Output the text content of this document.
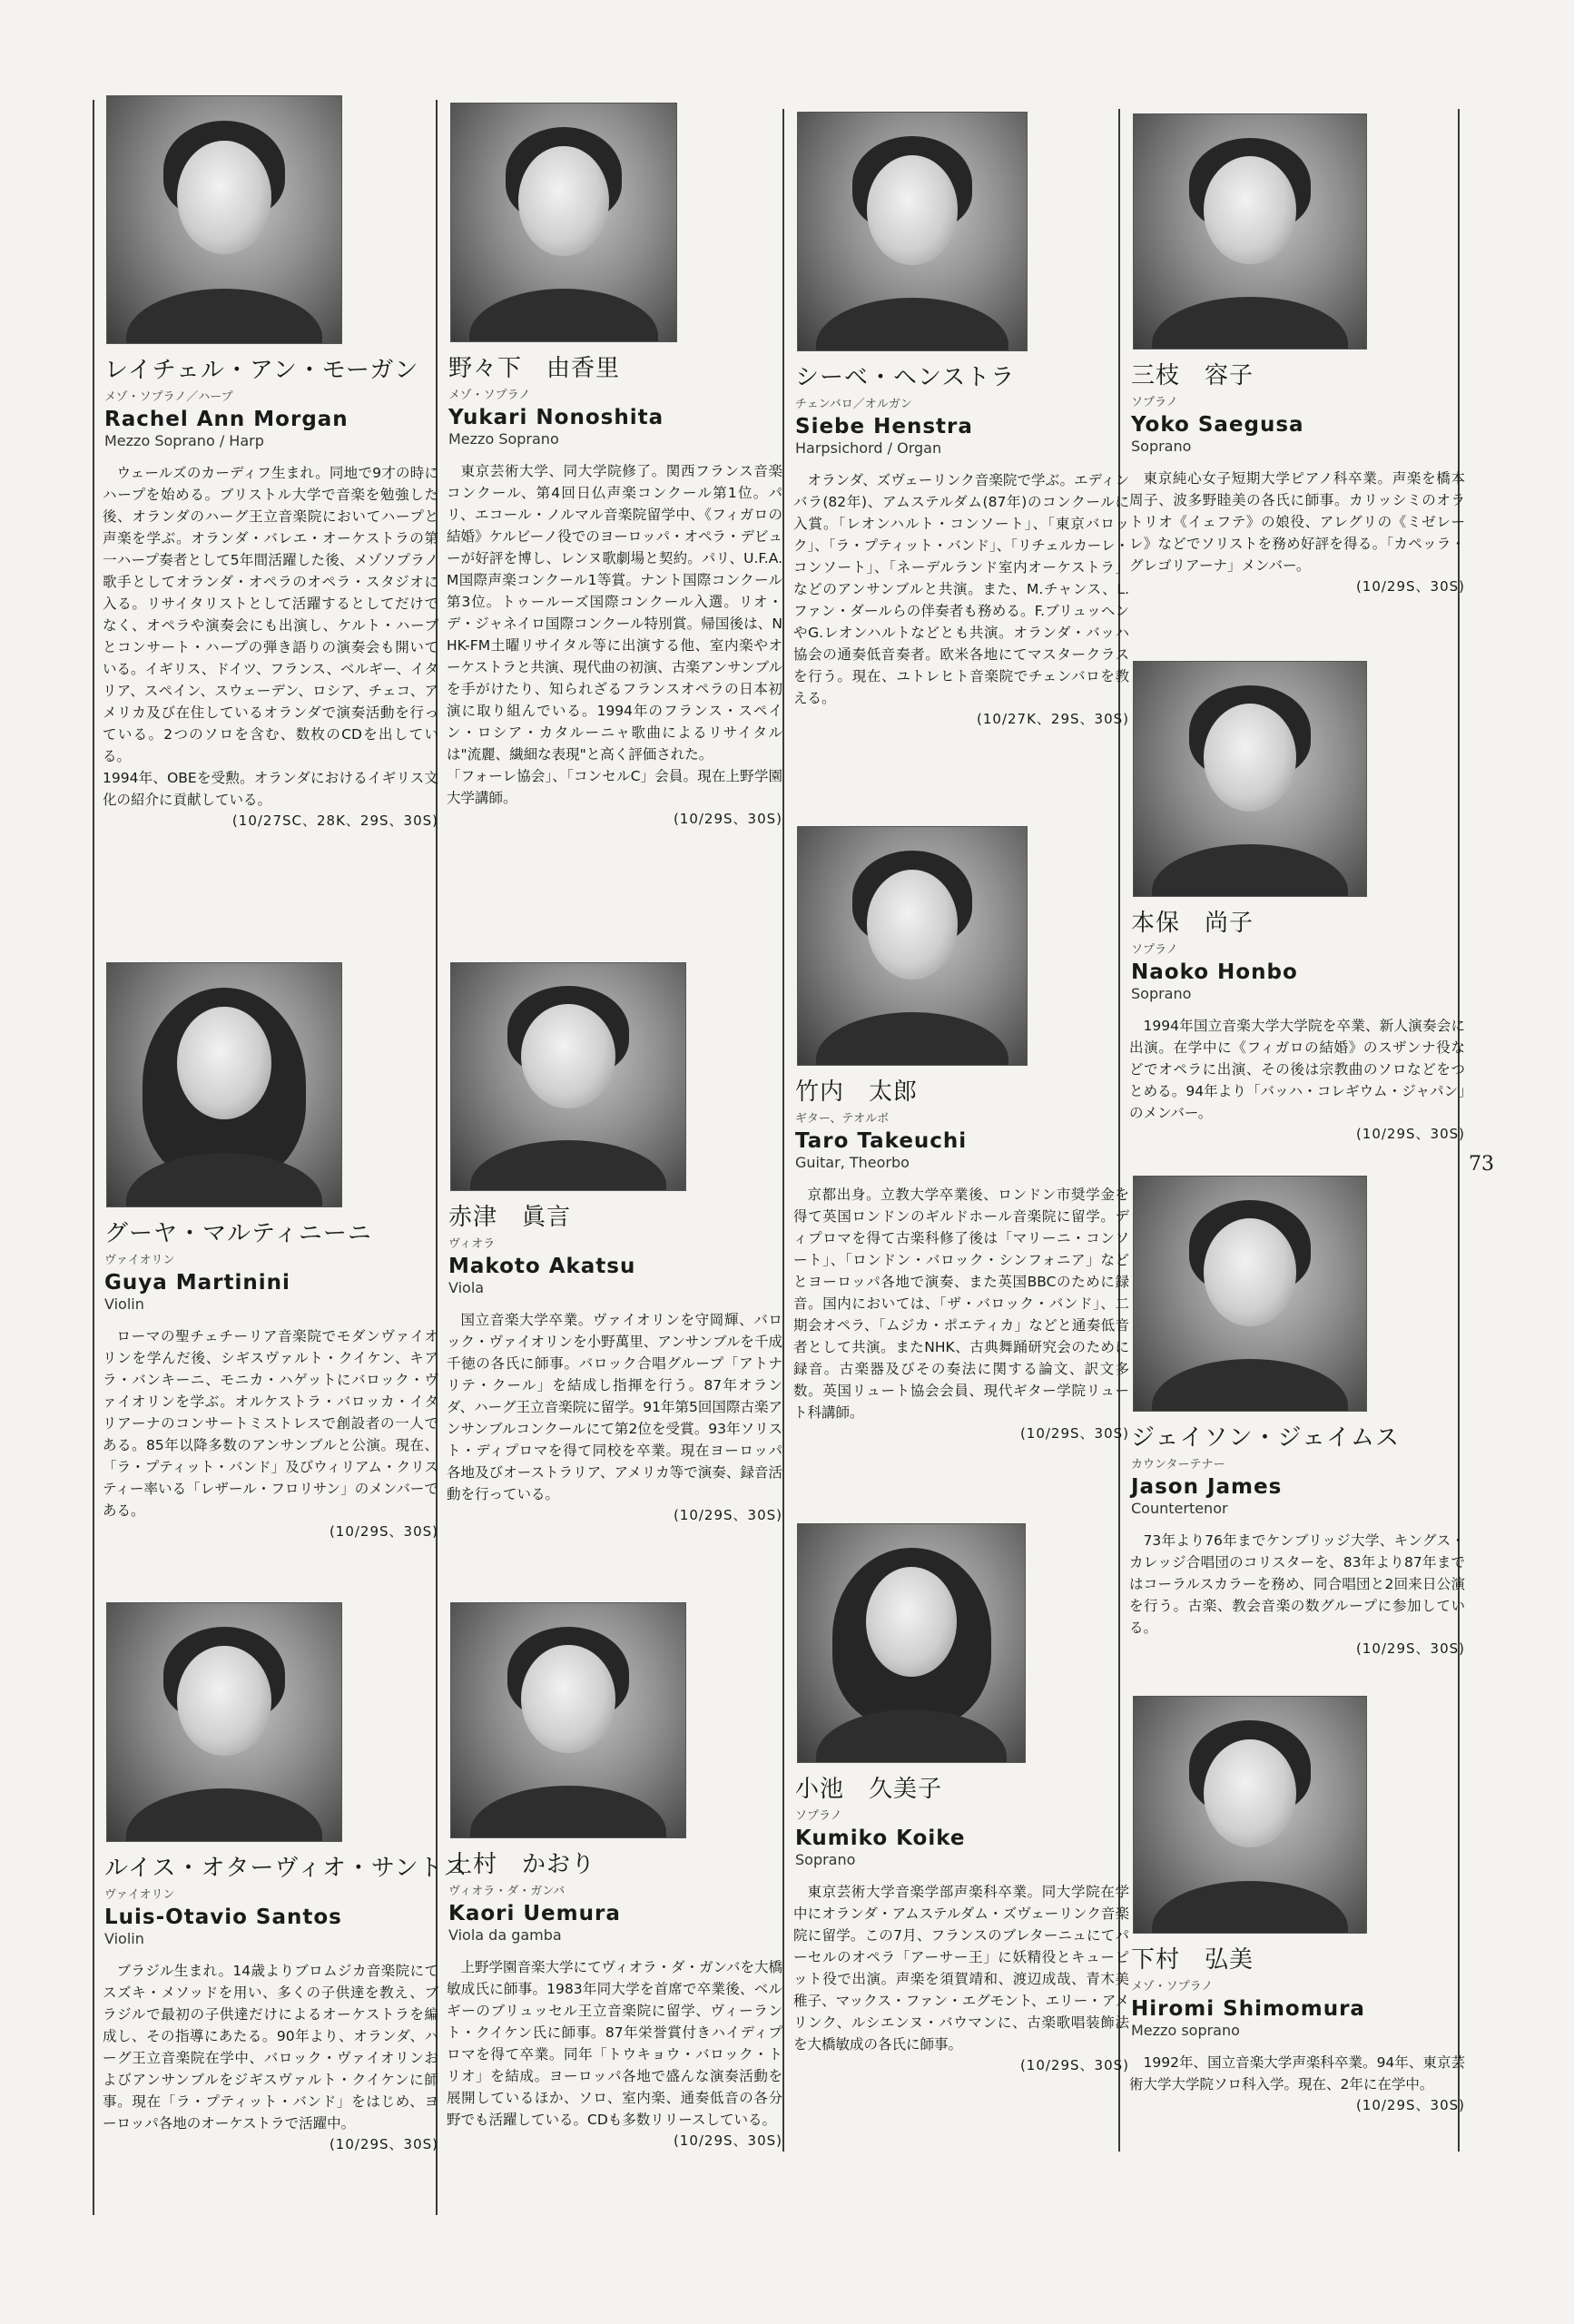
73
レイチェル・アン・モーガン
メゾ・ソプラノ／ハープ
Rachel Ann Morgan
Mezzo Soprano / Harp
ウェールズのカーディフ生まれ。同地で9才の時にハープを始める。ブリストル大学で音楽を勉強した後、オランダのハーグ王立音楽院においてハープと声楽を学ぶ。オランダ・バレエ・オーケストラの第一ハープ奏者として5年間活躍した後、メゾソプラノ歌手としてオランダ・オペラのオペラ・スタジオに入る。リサイタリストとして活躍するとしてだけでなく、オペラや演奏会にも出演し、ケルト・ハープとコンサート・ハープの弾き語りの演奏会も開いている。イギリス、ドイツ、フランス、ベルギー、イタリア、スペイン、スウェーデン、ロシア、チェコ、アメリカ及び在住しているオランダで演奏活動を行っている。2つのソロを含む、数枚のCDを出している。
1994年、OBEを受勲。オランダにおけるイギリス文化の紹介に貢献している。
(10/27SC、28K、29S、30S)
グーヤ・マルティニーニ
ヴァイオリン
Guya Martinini
Violin
ローマの聖チェチーリア音楽院でモダンヴァイオリンを学んだ後、シギスヴァルト・クイケン、キアラ・バンキーニ、モニカ・ハゲットにバロック・ヴァイオリンを学ぶ。オルケストラ・バロッカ・イタリアーナのコンサートミストレスで創設者の一人である。85年以降多数のアンサンブルと公演。現在、「ラ・プティット・バンド」及びウィリアム・クリスティー率いる「レザール・フロリサン」のメンバーである。
(10/29S、30S)
ルイス・オターヴィオ・サントス
ヴァイオリン
Luis-Otavio Santos
Violin
ブラジル生まれ。14歳よりブロムジカ音楽院にてスズキ・メソッドを用い、多くの子供達を教え、ブラジルで最初の子供達だけによるオーケストラを編成し、その指導にあたる。90年より、オランダ、ハーグ王立音楽院在学中、バロック・ヴァイオリンおよびアンサンブルをジギスヴァルト・クイケンに師事。現在「ラ・プティット・バンド」をはじめ、ヨーロッパ各地のオーケストラで活躍中。
(10/29S、30S)
野々下　由香里
メゾ・ソプラノ
Yukari Nonoshita
Mezzo Soprano
東京芸術大学、同大学院修了。関西フランス音楽コンクール、第4回日仏声楽コンクール第1位。パリ、エコール・ノルマル音楽院留学中、《フィガロの結婚》ケルビーノ役でのヨーロッパ・オペラ・デビューが好評を博し、レンヌ歌劇場と契約。パリ、U.F.A.M国際声楽コンクール1等賞。ナント国際コンクール第3位。トゥールーズ国際コンクール入選。リオ・デ・ジャネイロ国際コンクール特別賞。帰国後は、NHK-FM土曜リサイタル等に出演する他、室内楽やオーケストラと共演、現代曲の初演、古楽アンサンブルを手がけたり、知られざるフランスオペラの日本初演に取り組んでいる。1994年のフランス・スペイン・ロシア・カタルーニャ歌曲によるリサイタルは"流麗、繊細な表現"と高く評価された。
「フォーレ協会」、「コンセルC」会員。現在上野学園大学講師。
(10/29S、30S)
赤津　眞言
ヴィオラ
Makoto Akatsu
Viola
国立音楽大学卒業。ヴァイオリンを守岡輝、バロック・ヴァイオリンを小野萬里、アンサンブルを千成千徳の各氏に師事。バロック合唱グループ「アトナリテ・クール」を結成し指揮を行う。87年オランダ、ハーグ王立音楽院に留学。91年第5回国際古楽アンサンブルコンクールにて第2位を受賞。93年ソリスト・ディプロマを得て同校を卒業。現在ヨーロッパ各地及びオーストラリア、アメリカ等で演奏、録音活動を行っている。
(10/29S、30S)
上村　かおり
ヴィオラ・ダ・ガンバ
Kaori Uemura
Viola da gamba
上野学園音楽大学にてヴィオラ・ダ・ガンバを大橋敏成氏に師事。1983年同大学を首席で卒業後、ベルギーのブリュッセル王立音楽院に留学、ヴィーラント・クイケン氏に師事。87年栄誉賞付きハイディプロマを得て卒業。同年「トウキョウ・バロック・トリオ」を結成。ヨーロッパ各地で盛んな演奏活動を展開しているほか、ソロ、室内楽、通奏低音の各分野でも活躍している。CDも多数リリースしている。
(10/29S、30S)
シーベ・ヘンストラ
チェンバロ／オルガン
Siebe Henstra
Harpsichord / Organ
オランダ、ズヴェーリンク音楽院で学ぶ。エディンバラ(82年)、アムステルダム(87年)のコンクールに入賞。「レオンハルト・コンソート」、「東京バロック」、「ラ・プティット・バンド」、「リチェルカーレ・コンソート」、「ネーデルランド室内オーケストラ」などのアンサンブルと共演。また、M.チャンス、L.ファン・ダールらの伴奏者も務める。F.ブリュッヘンやG.レオンハルトなどとも共演。オランダ・バッハ協会の通奏低音奏者。欧米各地にてマスタークラスを行う。現在、ユトレヒト音楽院でチェンバロを教える。
(10/27K、29S、30S)
竹内　太郎
ギター、テオルボ
Taro Takeuchi
Guitar, Theorbo
京都出身。立教大学卒業後、ロンドン市奨学金を得て英国ロンドンのギルドホール音楽院に留学。ディプロマを得て古楽科修了後は「マリーニ・コンソート」、「ロンドン・バロック・シンフォニア」などとヨーロッパ各地で演奏、また英国BBCのために録音。国内においては、「ザ・バロック・バンド」、二期会オペラ、「ムジカ・ポエティカ」などと通奏低音者として共演。またNHK、古典舞踊研究会のために録音。古楽器及びその奏法に関する論文、訳文多数。英国リュート協会会員、現代ギター学院リュート科講師。
(10/29S、30S)
小池　久美子
ソプラノ
Kumiko Koike
Soprano
東京芸術大学音楽学部声楽科卒業。同大学院在学中にオランダ・アムステルダム・ズヴェーリンク音楽院に留学。この7月、フランスのブレターニュにてパーセルのオペラ「アーサー王」に妖精役とキューピット役で出演。声楽を須賀靖和、渡辺成哉、青木美稚子、マックス・ファン・エグモント、エリー・アメリンク、ルシエンヌ・バウマンに、古楽歌唱装飾法を大橋敏成の各氏に師事。
(10/29S、30S)
三枝　容子
ソプラノ
Yoko Saegusa
Soprano
東京純心女子短期大学ピアノ科卒業。声楽を橋本周子、波多野睦美の各氏に師事。カリッシミのオラトリオ《イェフテ》の娘役、アレグリの《ミゼレーレ》などでソリストを務め好評を得る。「カペッラ・グレゴリアーナ」メンバー。
(10/29S、30S)
本保　尚子
ソプラノ
Naoko Honbo
Soprano
1994年国立音楽大学大学院を卒業、新人演奏会に出演。在学中に《フィガロの結婚》のスザンナ役などでオペラに出演、その後は宗教曲のソロなどをつとめる。94年より「バッハ・コレギウム・ジャパン」のメンバー。
(10/29S、30S)
ジェイソン・ジェイムス
カウンターテナー
Jason James
Countertenor
73年より76年までケンブリッジ大学、キングス・カレッジ合唱団のコリスターを、83年より87年まではコーラルスカラーを務め、同合唱団と2回来日公演を行う。古楽、教会音楽の数グループに参加している。
(10/29S、30S)
下村　弘美
メゾ・ソプラノ
Hiromi Shimomura
Mezzo soprano
1992年、国立音楽大学声楽科卒業。94年、東京芸術大学大学院ソロ科入学。現在、2年に在学中。
(10/29S、30S)
